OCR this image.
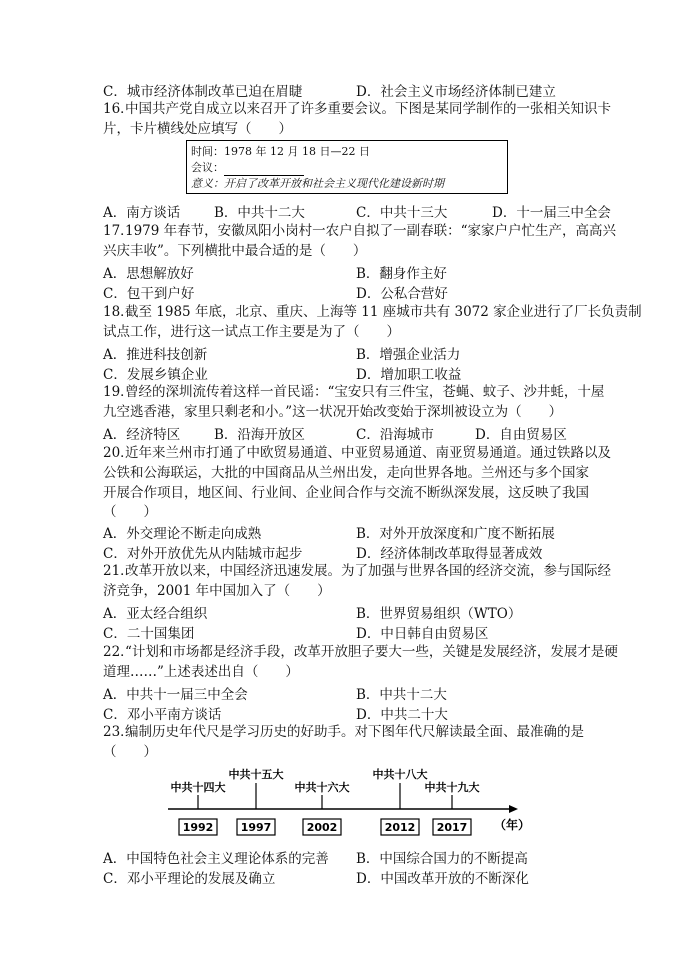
C．城市经济体制改革已迫在眉睫	D．社会主义市场经济体制已建立
16．
中国共产党自成立以来召开了许多重要会议。下图是某同学制作的一张相关知识卡
片，卡片横线处应填写（　　）
时间：1978 年 12 月 18 日—22 日
会议：
意义：开启了改革开放和社会主义现代化建设新时期
A．南方谈话	B．中共十二大	C．中共十三大	D．十一届三中全会
17．
1979 年春节，安徽凤阳小岗村一农户自拟了一副春联：“家家户户忙生产，高高兴
兴庆丰收”。下列横批中最合适的是（　　）
A．思想解放好	B．翻身作主好
C．包干到户好	D．公私合营好
18．
截至 1985 年底，北京、重庆、上海等 11 座城市共有 3072 家企业进行了厂长负责制
试点工作，进行这一试点工作主要是为了（　　）
A．推进科技创新	B．增强企业活力
C．发展乡镇企业	D．增加职工收益
19．
曾经的深圳流传着这样一首民谣：“宝安只有三件宝，苍蝇、蚊子、沙井蚝，十屋
九空逃香港，家里只剩老和小。”这一状况开始改变始于深圳被设立为（　　）
A．经济特区	B．沿海开放区	C．沿海城市	D．自由贸易区
20．
近年来兰州市打通了中欧贸易通道、中亚贸易通道、南亚贸易通道。通过铁路以及
公铁和公海联运，大批的中国商品从兰州出发，走向世界各地。兰州还与多个国家
开展合作项目，地区间、行业间、企业间合作与交流不断纵深发展，这反映了我国
（　　）
A．外交理论不断走向成熟	B．对外开放深度和广度不断拓展
C．对外开放优先从内陆城市起步	D．经济体制改革取得显著成效
21．
改革开放以来，中国经济迅速发展。为了加强与世界各国的经济交流，参与国际经
济竞争，2001 年中国加入了（　　）
A．亚太经合组织	B．世界贸易组织（WTO）
C．二十国集团	D．中日韩自由贸易区
22．
“计划和市场都是经济手段，改革开放胆子要大一些，关键是发展经济，发展才是硬
道理……”上述表述出自（　　）
A．中共十一届三中全会	B．中共十二大
C．邓小平南方谈话	D．中共二十大
23．
编制历史年代尺是学习历史的好助手。对下图年代尺解读最全面、最准确的是
（　　）
中共十四大
1992
中共十五大
1997
中共十六大
2002
中共十八大
2012
中共十九大
2017 （年）
A．中国特色社会主义理论体系的完善 B．中国综合国力的不断提高
C．邓小平理论的发展及确立	D．中国改革开放的不断深化
